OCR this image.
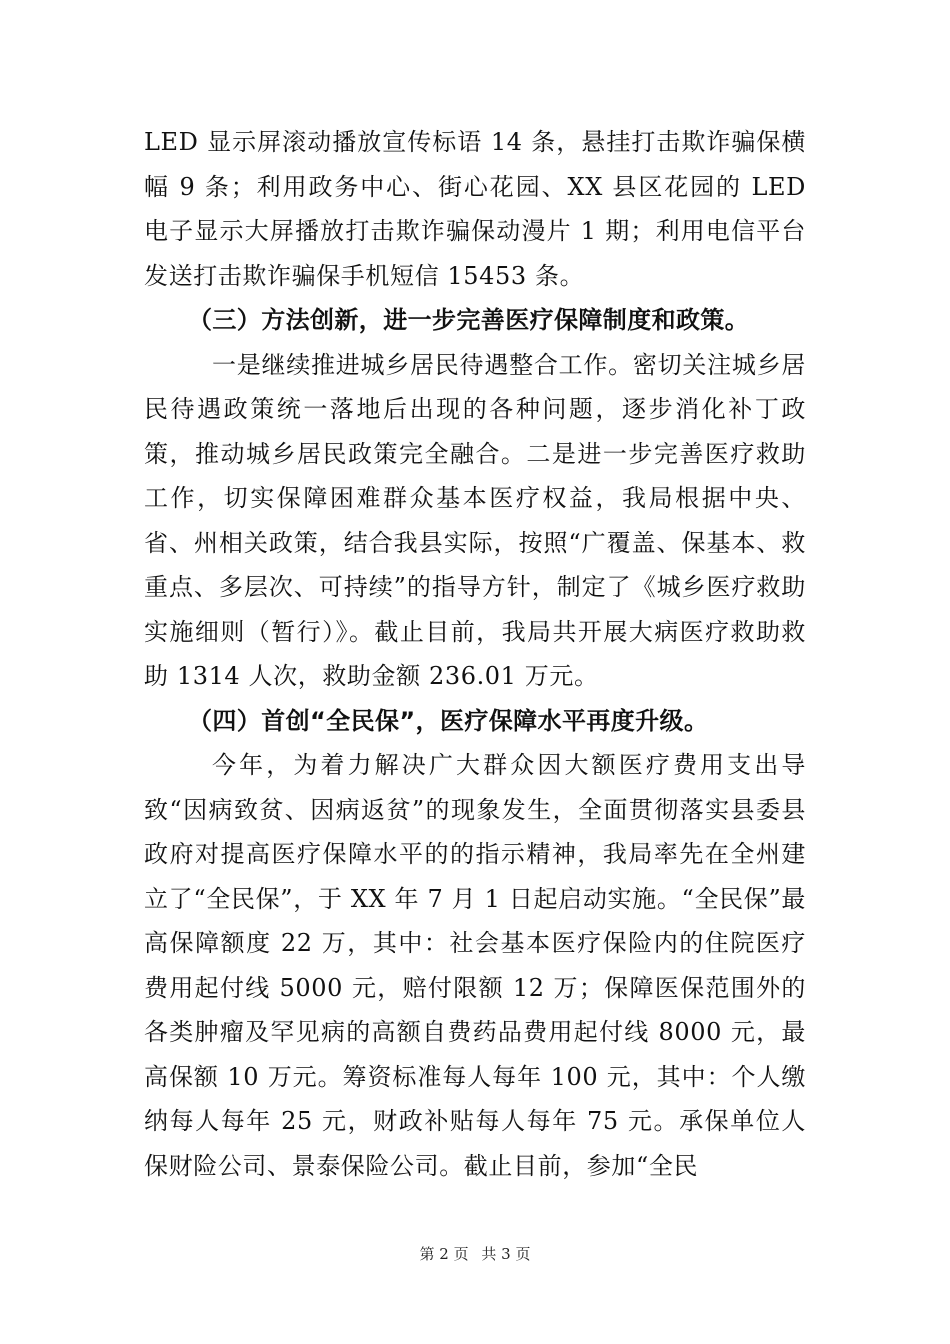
LED 显示屏滚动播放宣传标语 14 条，悬挂打击欺诈骗保横幅 9 条；利用政务中心、街心花园、XX 县区花园的 LED 电子显示大屏播放打击欺诈骗保动漫片 1 期；利用电信平台发送打击欺诈骗保手机短信 15453 条。

（三）方法创新，进一步完善医疗保障制度和政策。

一是继续推进城乡居民待遇整合工作。密切关注城乡居民待遇政策统一落地后出现的各种问题，逐步消化补丁政策，推动城乡居民政策完全融合。二是进一步完善医疗救助工作，切实保障困难群众基本医疗权益，我局根据中央、省、州相关政策，结合我县实际，按照“广覆盖、保基本、救重点、多层次、可持续”的指导方针，制定了《城乡医疗救助实施细则（暂行）》。截止目前，我局共开展大病医疗救助救助 1314 人次，救助金额 236.01 万元。

（四）首创“全民保”，医疗保障水平再度升级。

今年，为着力解决广大群众因大额医疗费用支出导致“因病致贫、因病返贫”的现象发生，全面贯彻落实县委县政府对提高医疗保障水平的的指示精神，我局率先在全州建立了“全民保”，于 XX 年 7 月 1 日起启动实施。“全民保”最高保障额度 22 万，其中：社会基本医疗保险内的住院医疗费用起付线 5000 元，赔付限额 12 万；保障医保范围外的各类肿瘤及罕见病的高额自费药品费用起付线 8000 元，最高保额 10 万元。筹资标准每人每年 100 元，其中：个人缴纳每人每年 25 元，财政补贴每人每年 75 元。承保单位人保财险公司、景泰保险公司。截止目前，参加“全民

第 2 页 共 3 页
